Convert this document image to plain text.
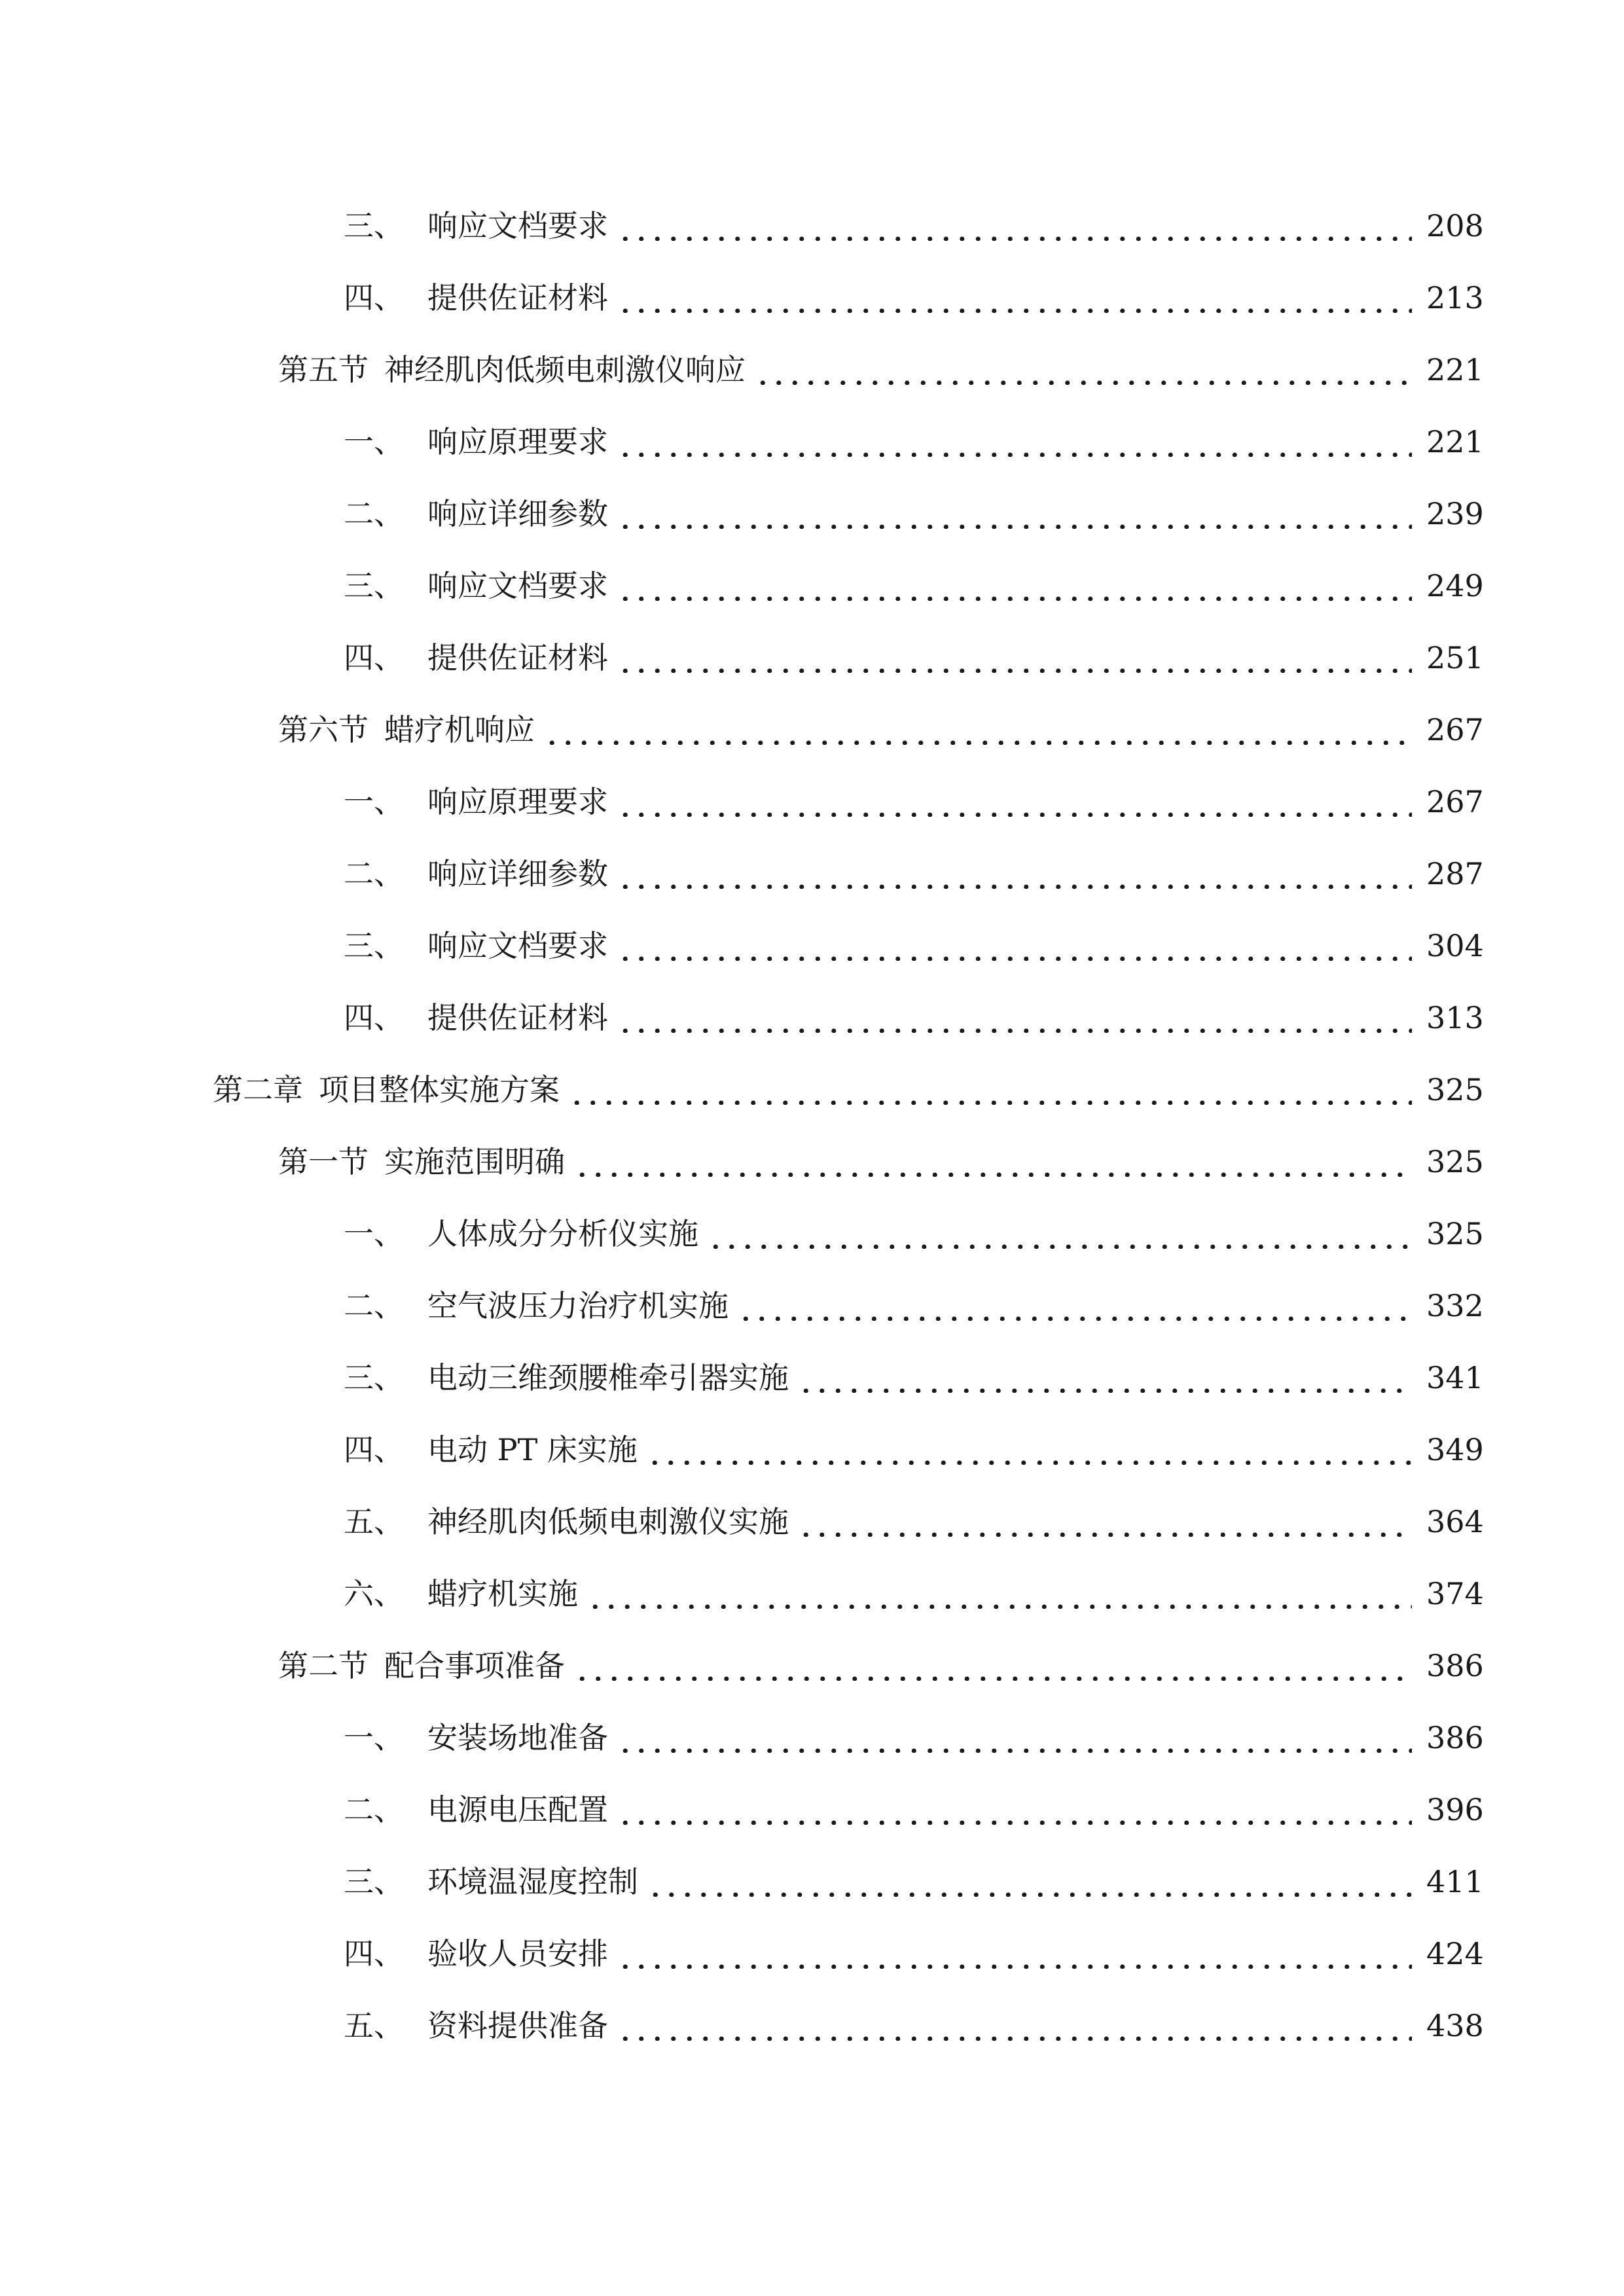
三、 响应文档要求	208
四、 提供佐证材料	213
第五节 神经肌肉低频电刺激仪响应	221
一、 响应原理要求	221
二、 响应详细参数	239
三、 响应文档要求	249
四、 提供佐证材料	251
第六节 蜡疗机响应	267
一、 响应原理要求	267
二、 响应详细参数	287
三、 响应文档要求	304
四、 提供佐证材料	313
第二章 项目整体实施方案	325
第一节 实施范围明确	325
一、 人体成分分析仪实施	325
二、 空气波压力治疗机实施	332
三、 电动三维颈腰椎牵引器实施	341
四、 电动 PT 床实施	349
五、 神经肌肉低频电刺激仪实施	364
六、 蜡疗机实施	374
第二节 配合事项准备	386
一、 安装场地准备	386
二、 电源电压配置	396
三、 环境温湿度控制	411
四、 验收人员安排	424
五、 资料提供准备	438
